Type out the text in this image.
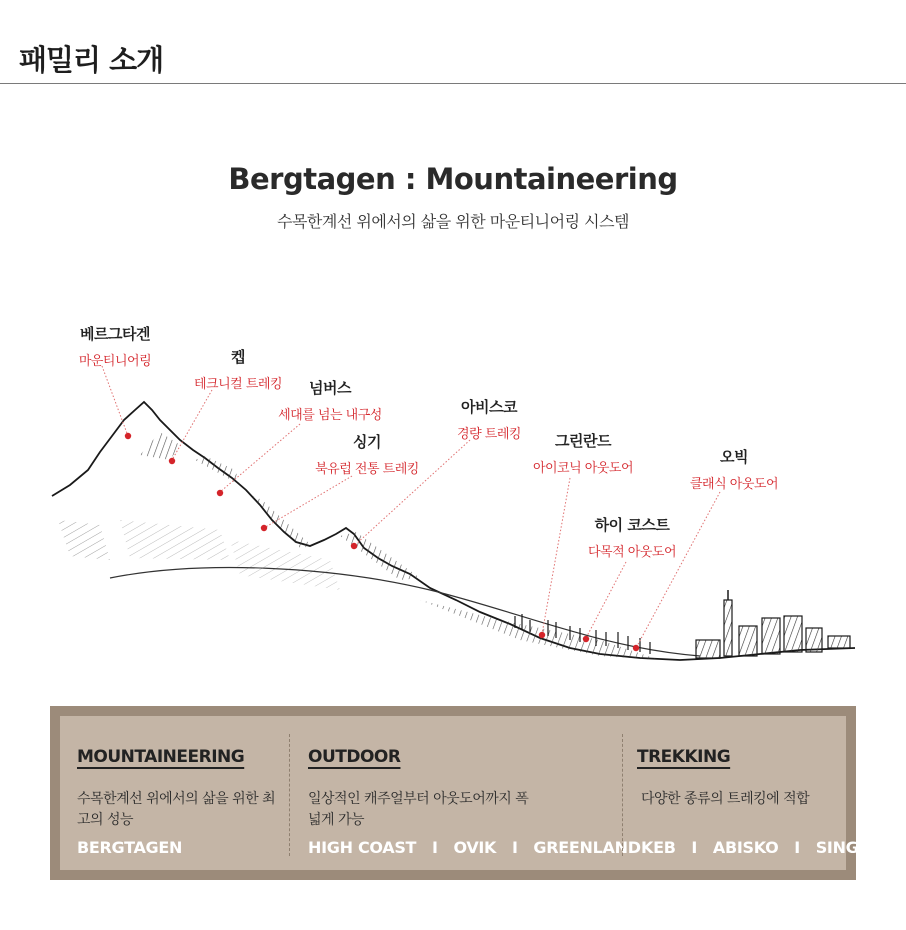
패밀리 소개
Bergtagen : Mountaineering
수목한계선 위에서의 삶을 위한 마운티니어링 시스템
베르그타겐
마운티니어링	켑
테크니컬 트레킹	넘버스
세대를 넘는 내구성
싱기
북유럽 전통 트레킹
아비스코
경량 트레킹	그린란드
아이코닉 아웃도어
하이 코스트
다목적 아웃도어
오빅
클래식 아웃도어
MOUNTAINEERING
수목한계선 위에서의 삶을 위한 최고의 성능
BERGTAGEN
OUTDOOR
일상적인 캐주얼부터 아웃도어까지 폭넓게 가능
HIGH COAST   I   OVIK   I   GREENLAND
TREKKING
다양한 종류의 트레킹에 적합
KEB   I   ABISKO   I   SINGI
